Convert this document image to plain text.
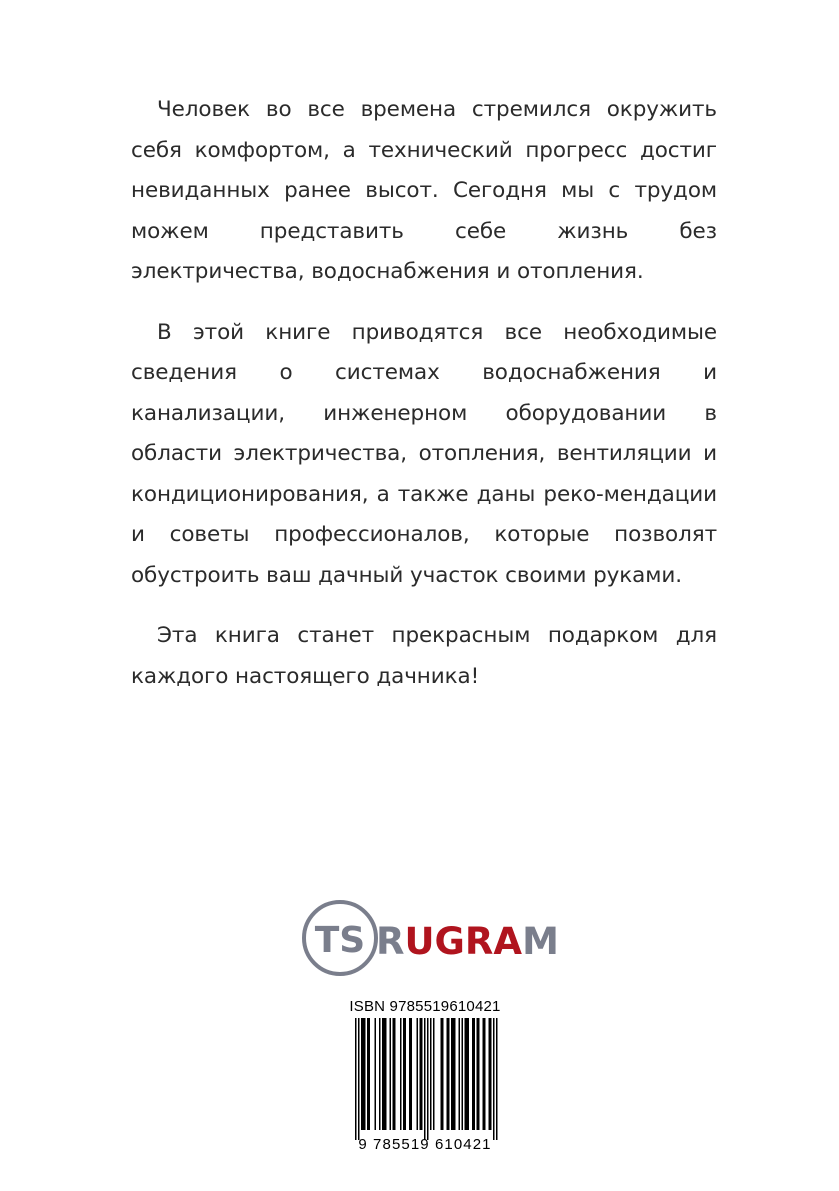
Человек во все времена стремился окружить себя комфортом, а технический прогресс достиг невиданных ранее высот. Сегодня мы с трудом можем представить себе жизнь без электричества, водоснабжения и отопления.

В этой книге приводятся все необходимые сведения о системах водоснабжения и канализации, инженерном оборудовании в области электричества, отопления, вентиляции и кондиционирования, а также даны реко-мендации и советы профессионалов, которые позволят обустроить ваш дачный участок своими руками.

Эта книга станет прекрасным подарком для каждого настоящего дачника!

TS RUGRAM
ISBN 9785519610421
9 785519 610421
